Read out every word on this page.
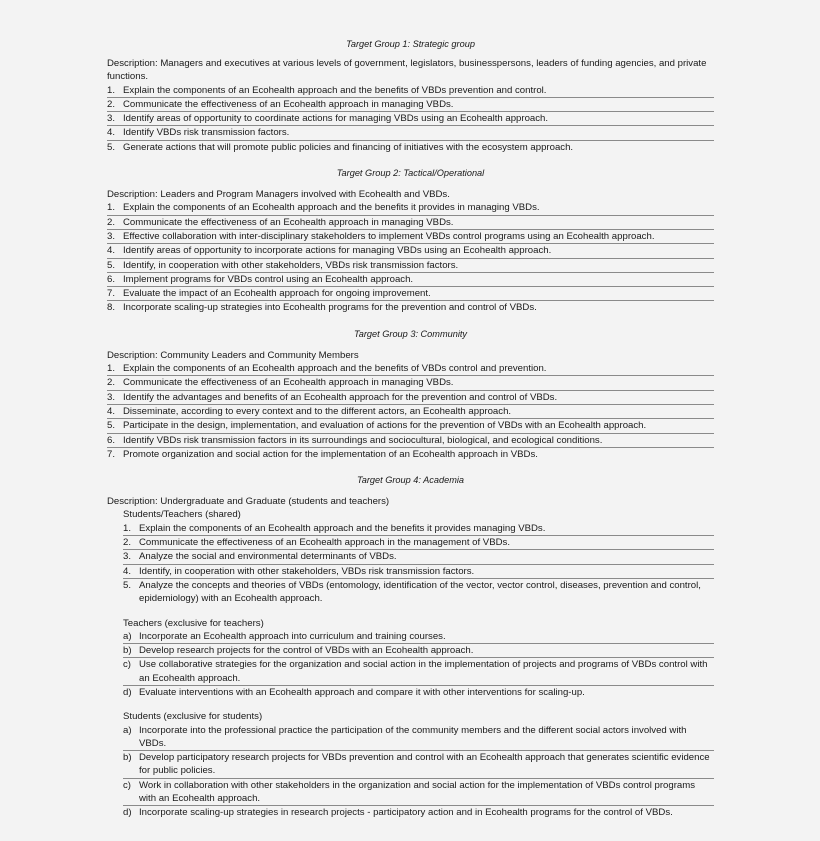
Target Group 1: Strategic group

Description: Managers and executives at various levels of government, legislators, businesspersons, leaders of funding agencies, and private functions.

1. Explain the components of an Ecohealth approach and the benefits of VBDs prevention and control.
2. Communicate the effectiveness of an Ecohealth approach in managing VBDs.
3. Identify areas of opportunity to coordinate actions for managing VBDs using an Ecohealth approach.
4. Identify VBDs risk transmission factors.
5. Generate actions that will promote public policies and financing of initiatives with the ecosystem approach.
Target Group 2: Tactical/Operational

Description: Leaders and Program Managers involved with Ecohealth and VBDs.

1. Explain the components of an Ecohealth approach and the benefits it provides in managing VBDs.
2. Communicate the effectiveness of an Ecohealth approach in managing VBDs.
3. Effective collaboration with inter-disciplinary stakeholders to implement VBDs control programs using an Ecohealth approach.
4. Identify areas of opportunity to incorporate actions for managing VBDs using an Ecohealth approach.
5. Identify, in cooperation with other stakeholders, VBDs risk transmission factors.
6. Implement programs for VBDs control using an Ecohealth approach.
7. Evaluate the impact of an Ecohealth approach for ongoing improvement.
8. Incorporate scaling-up strategies into Ecohealth programs for the prevention and control of VBDs.
Target Group 3: Community

Description: Community Leaders and Community Members

1. Explain the components of an Ecohealth approach and the benefits of VBDs control and prevention.
2. Communicate the effectiveness of an Ecohealth approach in managing VBDs.
3. Identify the advantages and benefits of an Ecohealth approach for the prevention and control of VBDs.
4. Disseminate, according to every context and to the different actors, an Ecohealth approach.
5. Participate in the design, implementation, and evaluation of actions for the prevention of VBDs with an Ecohealth approach.
6. Identify VBDs risk transmission factors in its surroundings and sociocultural, biological, and ecological conditions.
7. Promote organization and social action for the implementation of an Ecohealth approach in VBDs.
Target Group 4: Academia

Description: Undergraduate and Graduate (students and teachers)

Students/Teachers (shared)

1. Explain the components of an Ecohealth approach and the benefits it provides managing VBDs.
2. Communicate the effectiveness of an Ecohealth approach in the management of VBDs.
3. Analyze the social and environmental determinants of VBDs.
4. Identify, in cooperation with other stakeholders, VBDs risk transmission factors.
5. Analyze the concepts and theories of VBDs (entomology, identification of the vector, vector control, diseases, prevention and control, epidemiology) with an Ecohealth approach.

Teachers (exclusive for teachers)

a) Incorporate an Ecohealth approach into curriculum and training courses.
b) Develop research projects for the control of VBDs with an Ecohealth approach.
c) Use collaborative strategies for the organization and social action in the implementation of projects and programs of VBDs control with an Ecohealth approach.
d) Evaluate interventions with an Ecohealth approach and compare it with other interventions for scaling-up.

Students (exclusive for students)

a) Incorporate into the professional practice the participation of the community members and the different social actors involved with VBDs.
b) Develop participatory research projects for VBDs prevention and control with an Ecohealth approach that generates scientific evidence for public policies.
c) Work in collaboration with other stakeholders in the organization and social action for the implementation of VBDs control programs with an Ecohealth approach.
d) Incorporate scaling-up strategies in research projects - participatory action and in Ecohealth programs for the control of VBDs.
